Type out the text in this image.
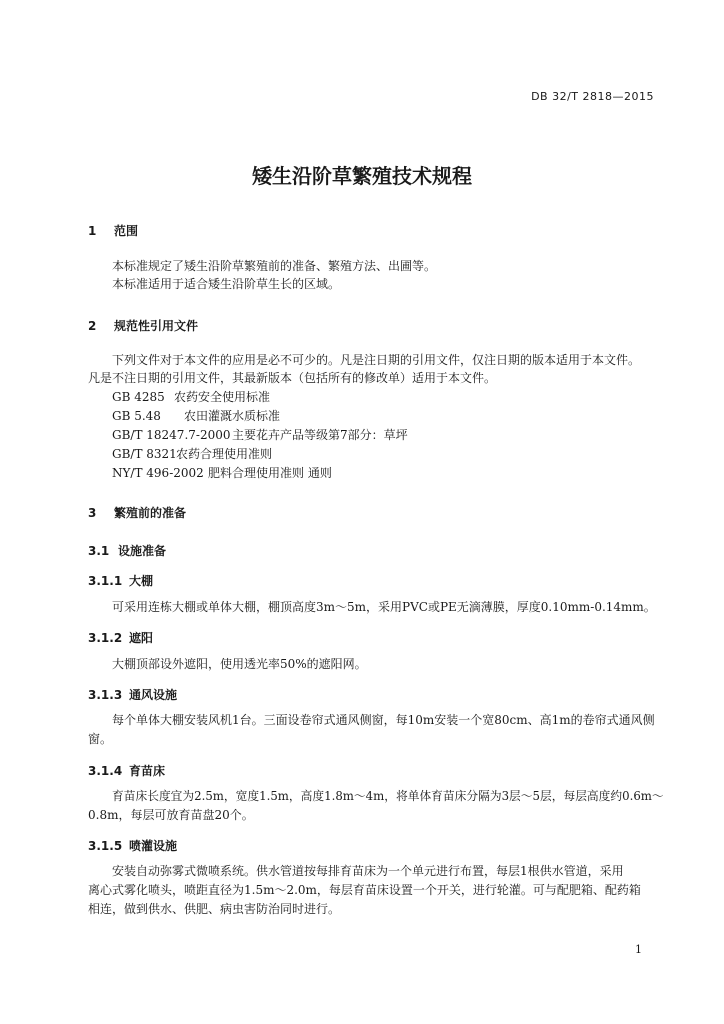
DB 32/T 2818—2015
矮生沿阶草繁殖技术规程
1 范围
本标准规定了矮生沿阶草繁殖前的准备、繁殖方法、出圃等。
本标准适用于适合矮生沿阶草生长的区域。
2 规范性引用文件
下列文件对于本文件的应用是必不可少的。凡是注日期的引用文件，仅注日期的版本适用于本文件。
凡是不注日期的引用文件，其最新版本（包括所有的修改单）适用于本文件。
GB 4285 农药安全使用标准
GB 5.48 农田灌溉水质标准
GB/T 18247.7-2000 主要花卉产品等级第7部分：草坪
GB/T 8321农药合理使用准则
NY/T 496-2002 肥料合理使用准则 通则
3 繁殖前的准备
3.1 设施准备
3.1.1 大棚
可采用连栋大棚或单体大棚，棚顶高度3m～5m，采用PVC或PE无滴薄膜，厚度0.10mm-0.14mm。
3.1.2 遮阳
大棚顶部设外遮阳，使用透光率50%的遮阳网。
3.1.3 通风设施
每个单体大棚安装风机1台。三面设卷帘式通风侧窗，每10m安装一个宽80cm、高1m的卷帘式通风侧
窗。
3.1.4 育苗床
育苗床长度宜为2.5m，宽度1.5m，高度1.8m～4m，将单体育苗床分隔为3层～5层，每层高度约0.6m～
0.8m，每层可放育苗盘20个。
3.1.5 喷灌设施
安装自动弥雾式微喷系统。供水管道按每排育苗床为一个单元进行布置，每层1根供水管道，采用
离心式雾化喷头，喷距直径为1.5m～2.0m，每层育苗床设置一个开关，进行轮灌。可与配肥箱、配药箱
相连，做到供水、供肥、病虫害防治同时进行。
1
